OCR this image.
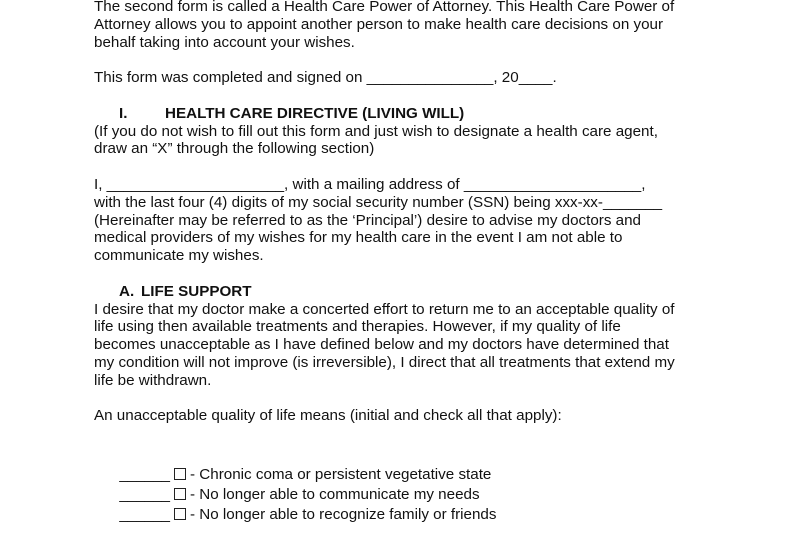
The second form is called a Health Care Power of Attorney. This Health Care Power of
Attorney allows you to appoint another person to make health care decisions on your
behalf taking into account your wishes.
This form was completed and signed on _______________, 20____.
I. HEALTH CARE DIRECTIVE (LIVING WILL)
(If you do not wish to fill out this form and just wish to designate a health care agent,
draw an “X” through the following section)
I, _____________________, with a mailing address of _____________________,
with the last four (4) digits of my social security number (SSN) being xxx-xx-_______
(Hereinafter may be referred to as the ‘Principal’) desire to advise my doctors and
medical providers of my wishes for my health care in the event I am not able to
communicate my wishes.
A. LIFE SUPPORT
I desire that my doctor make a concerted effort to return me to an acceptable quality of
life using then available treatments and therapies. However, if my quality of life
becomes unacceptable as I have defined below and my doctors have determined that
my condition will not improve (is irreversible), I direct that all treatments that extend my
life be withdrawn.
An unacceptable quality of life means (initial and check all that apply):

______ - Chronic coma or persistent vegetative state

______ - No longer able to communicate my needs

______ - No longer able to recognize family or friends
